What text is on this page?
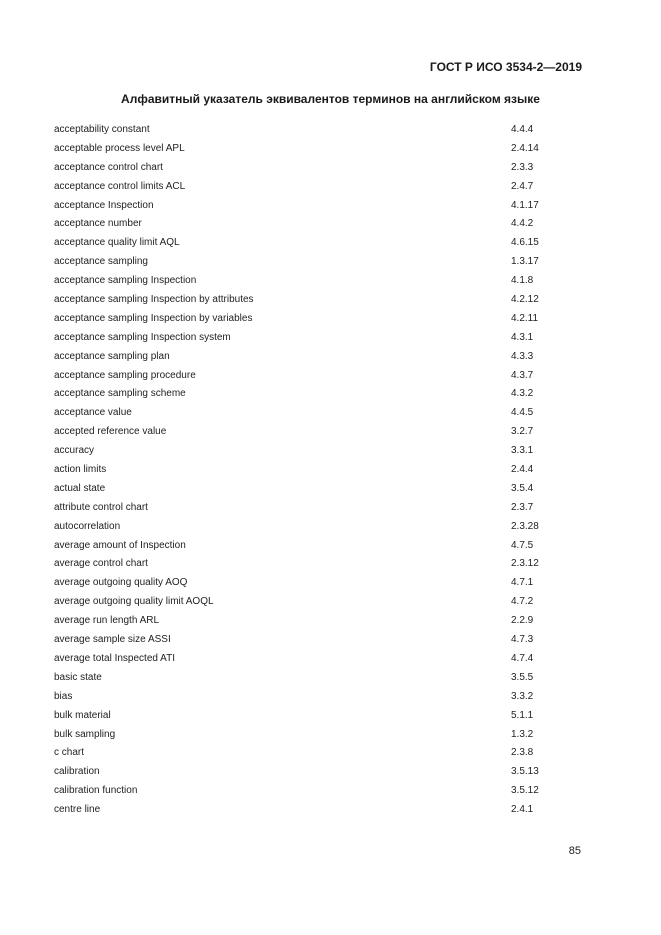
ГОСТ Р ИСО 3534-2—2019
Алфавитный указатель эквивалентов терминов на английском языке
acceptability constant	4.4.4
acceptable process level APL	2.4.14
acceptance control chart	2.3.3
acceptance control limits ACL	2.4.7
acceptance Inspection	4.1.17
acceptance number	4.4.2
acceptance quality limit AQL	4.6.15
acceptance sampling	1.3.17
acceptance sampling Inspection	4.1.8
acceptance sampling Inspection by attributes	4.2.12
acceptance sampling Inspection by variables	4.2.11
acceptance sampling Inspection system	4.3.1
acceptance sampling plan	4.3.3
acceptance sampling procedure	4.3.7
acceptance sampling scheme	4.3.2
acceptance value	4.4.5
accepted reference value	3.2.7
accuracy	3.3.1
action limits	2.4.4
actual state	3.5.4
attribute control chart	2.3.7
autocorrelation	2.3.28
average amount of Inspection	4.7.5
average control chart	2.3.12
average outgoing quality AOQ	4.7.1
average outgoing quality limit AOQL	4.7.2
average run length ARL	2.2.9
average sample size ASSI	4.7.3
average total Inspected ATI	4.7.4
basic state	3.5.5
bias	3.3.2
bulk material	5.1.1
bulk sampling	1.3.2
c chart	2.3.8
calibration	3.5.13
calibration function	3.5.12
centre line	2.4.1
85
